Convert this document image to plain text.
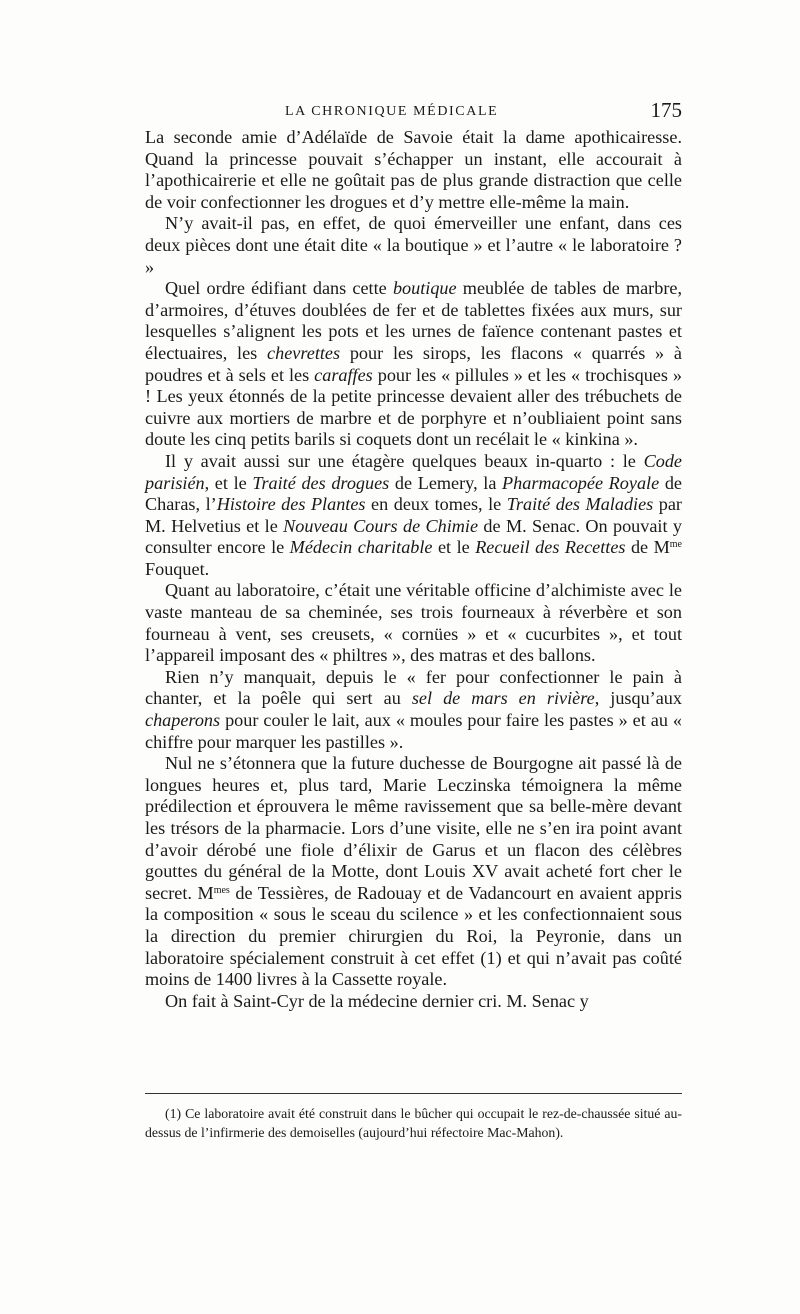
LA CHRONIQUE MÉDICALE	175

La seconde amie d’Adélaïde de Savoie était la dame apothicairesse. Quand la princesse pouvait s’échapper un instant, elle accourait à l’apothicairerie et elle ne goûtait pas de plus grande distraction que celle de voir confectionner les drogues et d’y mettre elle-même la main.

N’y avait-il pas, en effet, de quoi émerveiller une enfant, dans ces deux pièces dont une était dite « la boutique » et l’autre « le laboratoire ? »

Quel ordre édifiant dans cette boutique meublée de tables de marbre, d’armoires, d’étuves doublées de fer et de tablettes fixées aux murs, sur lesquelles s’alignent les pots et les urnes de faïence contenant pastes et électuaires, les chevrettes pour les sirops, les flacons « quarrés » à poudres et à sels et les caraffes pour les « pillules » et les « trochisques » ! Les yeux étonnés de la petite princesse devaient aller des trébuchets de cuivre aux mortiers de marbre et de porphyre et n’oubliaient point sans doute les cinq petits barils si coquets dont un recélait le « kinkina ».

Il y avait aussi sur une étagère quelques beaux in-quarto : le Code parisién, et le Traité des drogues de Lemery, la Pharmacopée Royale de Charas, l’Histoire des Plantes en deux tomes, le Traité des Maladies par M. Helvetius et le Nouveau Cours de Chimie de M. Senac. On pouvait y consulter encore le Médecin charitable et le Recueil des Recettes de $M^{me}$ Fouquet.

Quant au laboratoire, c’était une véritable officine d’alchimiste avec le vaste manteau de sa cheminée, ses trois fourneaux à réverbère et son fourneau à vent, ses creusets, « cornües » et « cucurbites », et tout l’appareil imposant des « philtres », des matras et des ballons.

Rien n’y manquait, depuis le « fer pour confectionner le pain à chanter, et la poêle qui sert au sel de mars en rivière, jusqu’aux chaperons pour couler le lait, aux « moules pour faire les pastes » et au « chiffre pour marquer les pastilles ».

Nul ne s’étonnera que la future duchesse de Bourgogne ait passé là de longues heures et, plus tard, Marie Leczinska témoignera la même prédilection et éprouvera le même ravissement que sa belle-mère devant les trésors de la pharmacie. Lors d’une visite, elle ne s’en ira point avant d’avoir dérobé une fiole d’élixir de Garus et un flacon des célèbres gouttes du général de la Motte, dont Louis XV avait acheté fort cher le secret. $M^{mes}$ de Tessières, de Radouay et de Vadancourt en avaient appris la composition « sous le sceau du scilence » et les confectionnaient sous la direction du premier chirurgien du Roi, la Peyronie, dans un laboratoire spécialement construit à cet effet (1) et qui n’avait pas coûté moins de 1400 livres à la Cassette royale.

On fait à Saint-Cyr de la médecine dernier cri. M. Senac y

(1) Ce laboratoire avait été construit dans le bûcher qui occupait le rez-de-chaussée situé au-dessus de l’infirmerie des demoiselles (aujourd’hui réfectoire Mac-Mahon).
